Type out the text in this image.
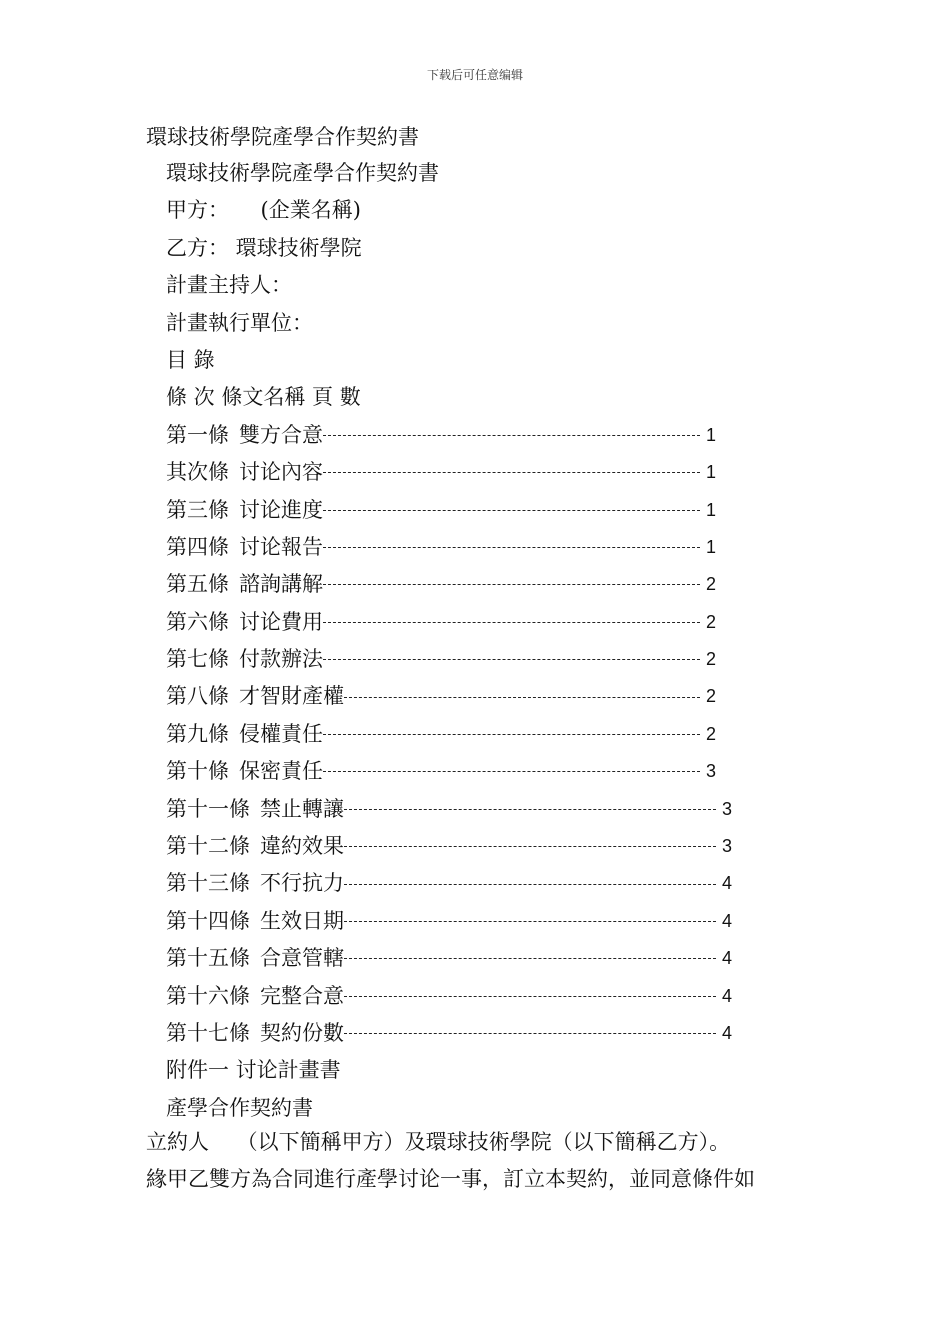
下载后可任意编辑
環球技術學院產學合作契約書
環球技術學院產學合作契約書
甲方：　　(企業名稱)
乙方： 環球技術學院
計畫主持人：
計畫執行單位：
目 錄
條 次 條文名稱 頁 數
第一條 雙方合意	1
其次條 讨论內容	1
第三條 讨论進度	1
第四條 讨论報告	1
第五條 諮詢講解	2
第六條 讨论費用	2
第七條 付款辦法	2
第八條 才智財產權	2
第九條 侵權責任	2
第十條 保密責任	3
第十一條 禁止轉讓	3
第十二條 違約效果	3
第十三條 不行抗力	4
第十四條 生效日期	4
第十五條 合意管轄	4
第十六條 完整合意	4
第十七條 契約份數	4
附件一 讨论計畫書
產學合作契約書
立約人　 （以下簡稱甲方）及環球技術學院（以下簡稱乙方）。
緣甲乙雙方為合同進行產學讨论一事，訂立本契約，並同意條件如
